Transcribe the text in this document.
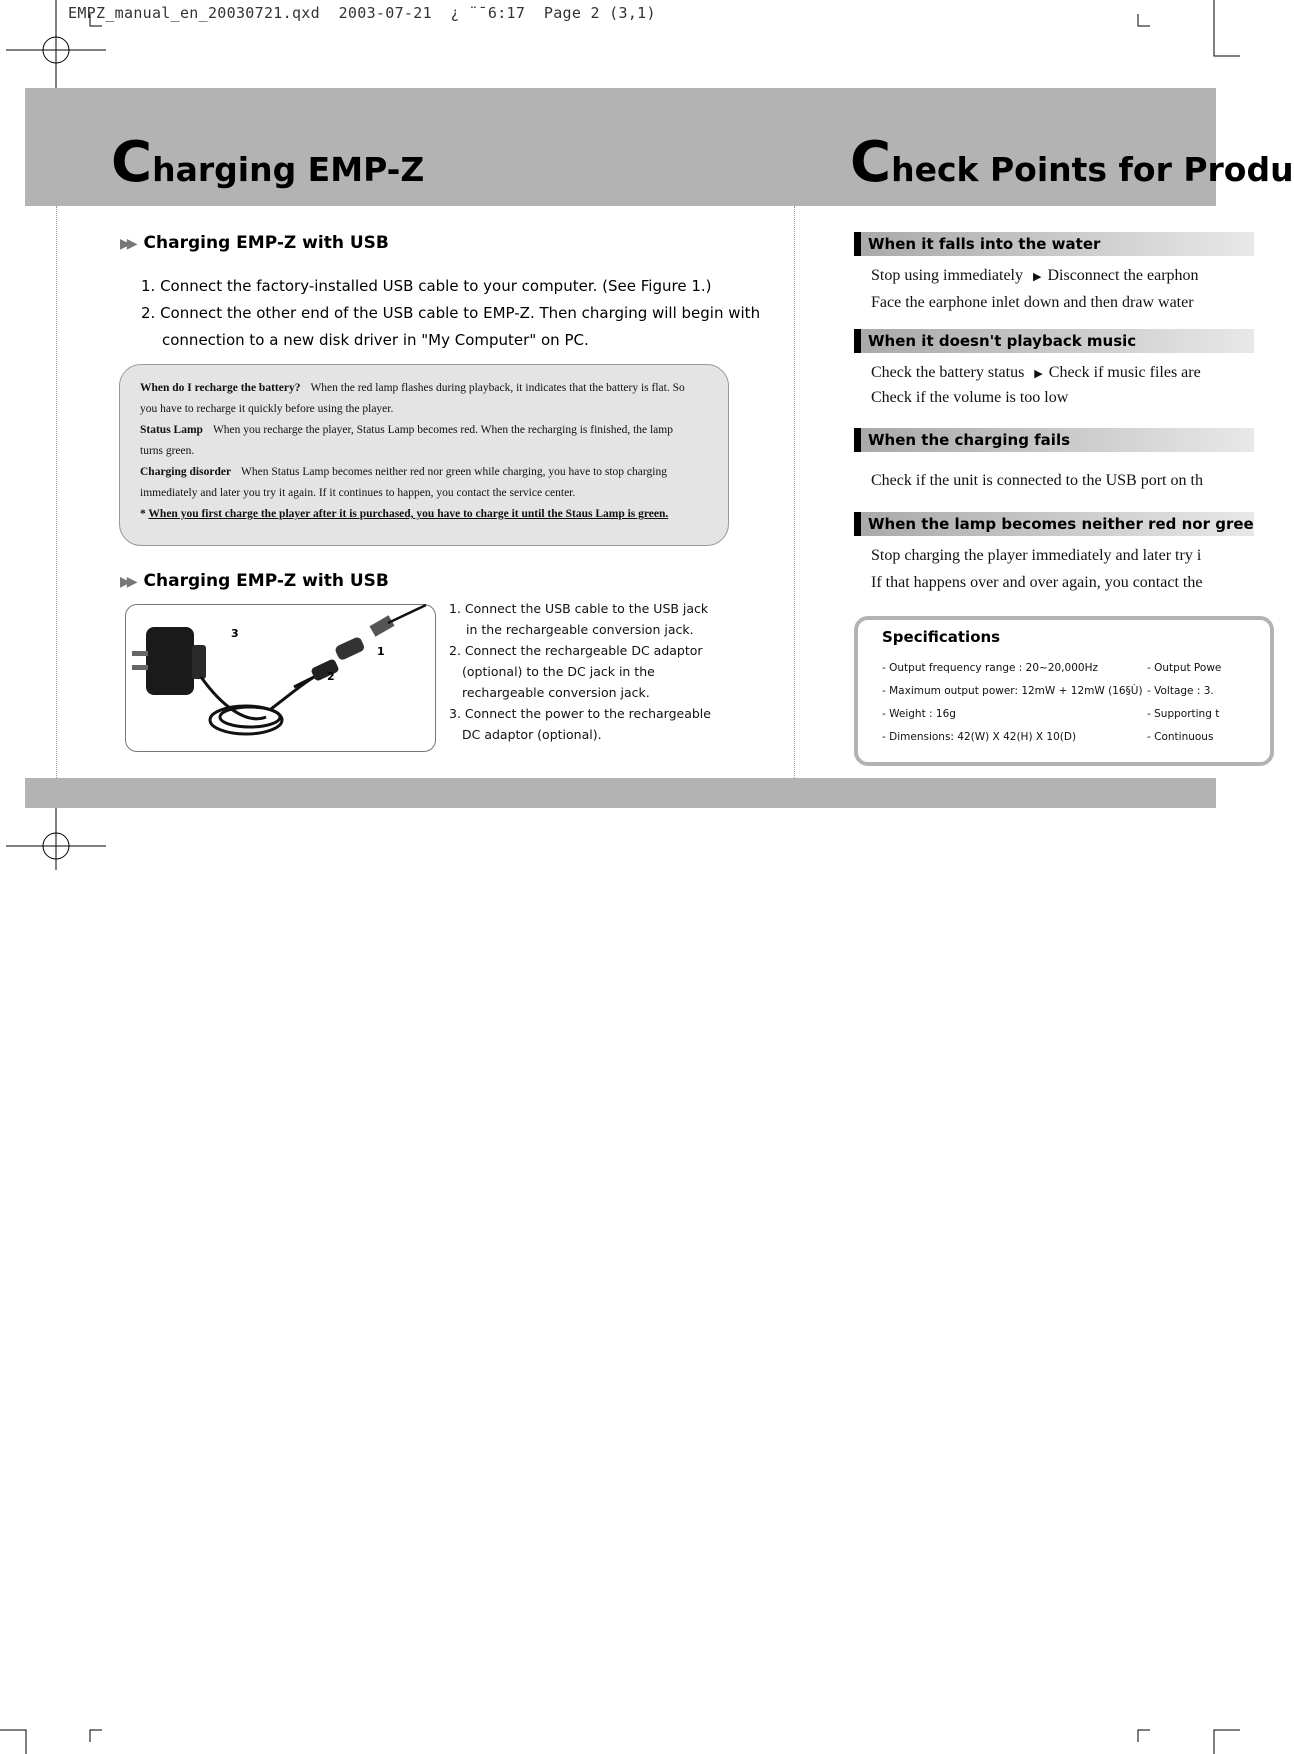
EMPZ_manual_en_20030721.qxd  2003-07-21  ¿ ̈ ̄ 6:17  Page 2 (3,1)
Charging EMP-Z	Check Points for Produ
▶▶ Charging EMP-Z with USB
1. Connect the factory-installed USB cable to your computer. (See Figure 1.)
2. Connect the other end of the USB cable to EMP-Z. Then charging will begin with
connection to a new disk driver in "My Computer" on PC.
When do I recharge the battery? When the red lamp flashes during playback, it indicates that the battery is flat. So
you have to recharge it quickly before using the player.
Status Lamp When you recharge the player, Status Lamp becomes red. When the recharging is finished, the lamp
turns green.
Charging disorder When Status Lamp becomes neither red nor green while charging, you have to stop charging
immediately and later you try it again. If it continues to happen, you contact the service center.
* When you first charge the player after it is purchased, you have to charge it until the Staus Lamp is green.
▶▶ Charging EMP-Z with USB
3
1
2
1. Connect the USB cable to the USB jack
in the rechargeable conversion jack.
2. Connect the rechargeable DC adaptor
(optional) to the DC jack in the
rechargeable conversion jack.
3. Connect the power to the rechargeable
DC adaptor (optional).
When it falls into the water
Stop using immediately ▶ Disconnect the earphon
Face the earphone inlet down and then draw water
When it doesn't playback music
Check the battery status ▶ Check if music files are
Check if the volume is too low
When the charging fails
Check if the unit is connected to the USB port on th
When the lamp becomes neither red nor gree
Stop charging the player immediately and later try i
If that happens over and over again, you contact the
Specifications
- Output frequency range : 20~20,000Hz
- Maximum output power: 12mW + 12mW (16§Ù)
- Weight : 16g
- Dimensions: 42(W) X 42(H) X 10(D)
- Output Powe
- Voltage : 3.
- Supporting t
- Continuous
